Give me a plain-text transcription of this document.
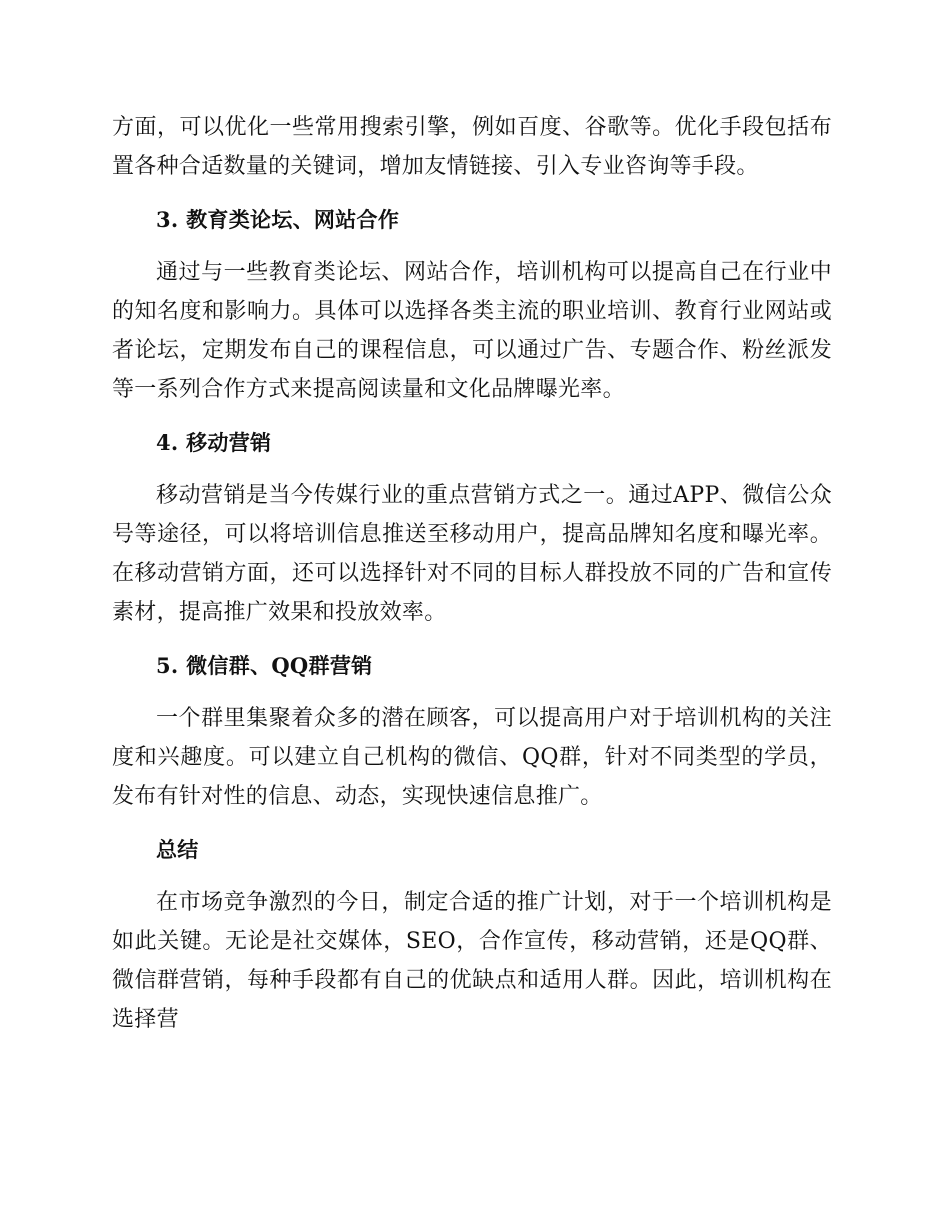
方面，可以优化一些常用搜索引擎，例如百度、谷歌等。优化手段包括布置各种合适数量的关键词，增加友情链接、引入专业咨询等手段。

3. 教育类论坛、网站合作

通过与一些教育类论坛、网站合作，培训机构可以提高自己在行业中的知名度和影响力。具体可以选择各类主流的职业培训、教育行业网站或者论坛，定期发布自己的课程信息，可以通过广告、专题合作、粉丝派发等一系列合作方式来提高阅读量和文化品牌曝光率。

4. 移动营销

移动营销是当今传媒行业的重点营销方式之一。通过APP、微信公众号等途径，可以将培训信息推送至移动用户，提高品牌知名度和曝光率。在移动营销方面，还可以选择针对不同的目标人群投放不同的广告和宣传素材，提高推广效果和投放效率。

5. 微信群、QQ群营销

一个群里集聚着众多的潜在顾客，可以提高用户对于培训机构的关注度和兴趣度。可以建立自己机构的微信、QQ群，针对不同类型的学员，发布有针对性的信息、动态，实现快速信息推广。

总结

在市场竞争激烈的今日，制定合适的推广计划，对于一个培训机构是如此关键。无论是社交媒体，SEO，合作宣传，移动营销，还是QQ群、微信群营销，每种手段都有自己的优缺点和适用人群。因此，培训机构在选择营
